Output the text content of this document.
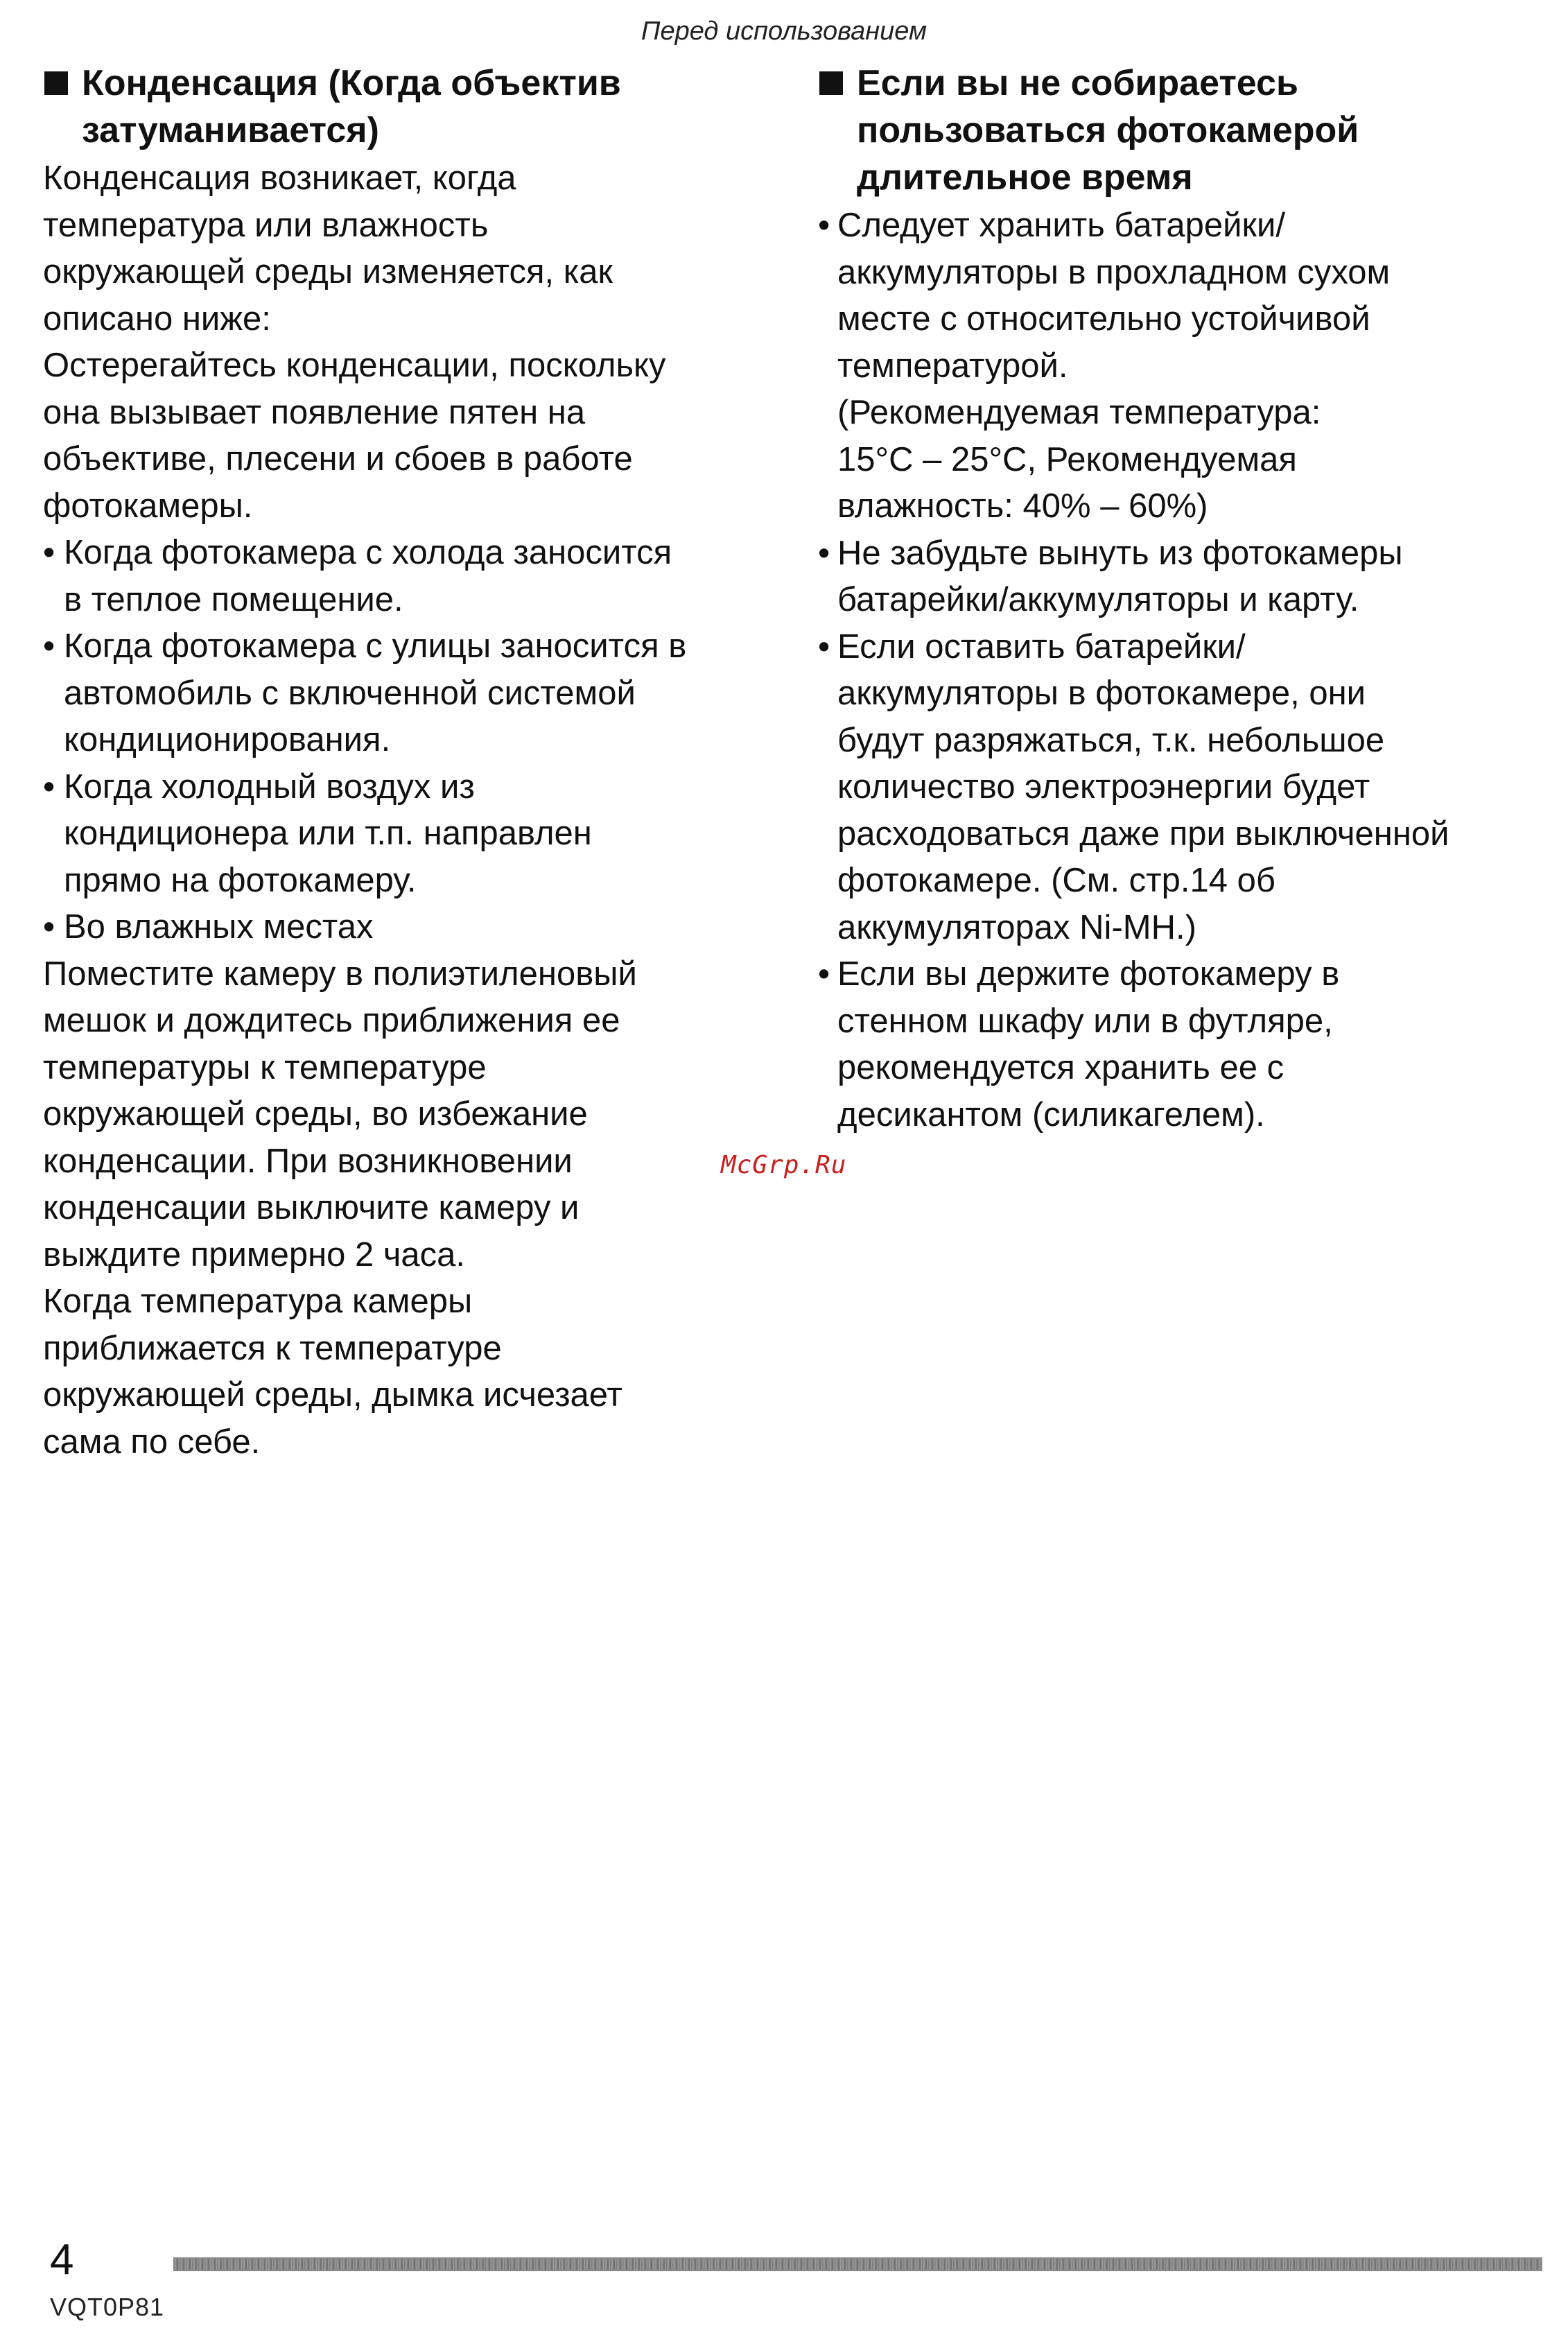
Перед использованием
Конденсация (Когда объектив
затуманивается)

Конденсация возникает, когда

температура или влажность

окружающей среды изменяется, как

описано ниже:

Остерегайтесь конденсации, поскольку

она вызывает появление пятен на

объективе, плесени и сбоев в работе

фотокамеры.

• Когда фотокамера с холода заносится

в теплое помещение.

• Когда фотокамера с улицы заносится в

автомобиль с включенной системой

кондиционирования.

• Когда холодный воздух из

кондиционера или т.п. направлен

прямо на фотокамеру.

• Во влажных местах

Поместите камеру в полиэтиленовый

мешок и дождитесь приближения ее

температуры к температуре

окружающей среды, во избежание

конденсации. При возникновении

конденсации выключите камеру и

выждите примерно 2 часа.

Когда температура камеры

приближается к температуре

окружающей среды, дымка исчезает

сама по себе.

Если вы не собираетесь
пользоваться фотокамерой
длительное время

• Следует хранить батарейки/

аккумуляторы в прохладном сухом

месте с относительно устойчивой

температурой.

(Рекомендуемая температура:

15°C – 25°C, Рекомендуемая

влажность: 40% – 60%)

• Не забудьте вынуть из фотокамеры

батарейки/аккумуляторы и карту.

• Если оставить батарейки/

аккумуляторы в фотокамере, они

будут разряжаться, т.к. небольшое

количество электроэнергии будет

расходоваться даже при выключенной

фотокамере. (См. стр.14 об

аккумуляторах Ni-MH.)

• Если вы держите фотокамеру в

стенном шкафу или в футляре,

рекомендуется хранить ее с

десикантом (силикагелем).

McGrp.Ru
4
VQT0P81
